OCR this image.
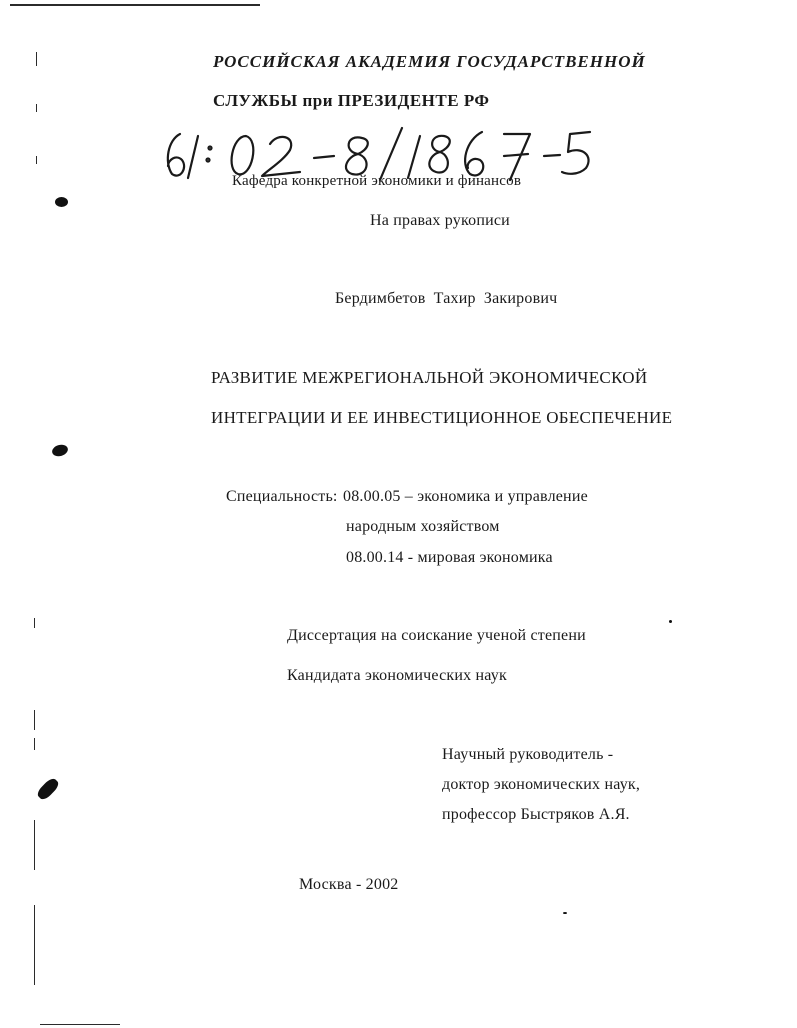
РОССИЙСКАЯ АКАДЕМИЯ ГОСУДАРСТВЕННОЙ
СЛУЖБЫ при ПРЕЗИДЕНТЕ РФ
Кафедра конкретной экономики и финансов
На правах рукописи
Бердимбетов Тахир Закирович
РАЗВИТИЕ МЕЖРЕГИОНАЛЬНОЙ ЭКОНОМИЧЕСКОЙ
ИНТЕГРАЦИИ И ЕЕ ИНВЕСТИЦИОННОЕ ОБЕСПЕЧЕНИЕ
Специальность: 08.00.05 – экономика и управление
народным хозяйством
08.00.14 - мировая экономика
Диссертация на соискание ученой степени
Кандидата экономических наук
Научный руководитель -
доктор экономических наук,
профессор Быстряков А.Я.
Москва - 2002
